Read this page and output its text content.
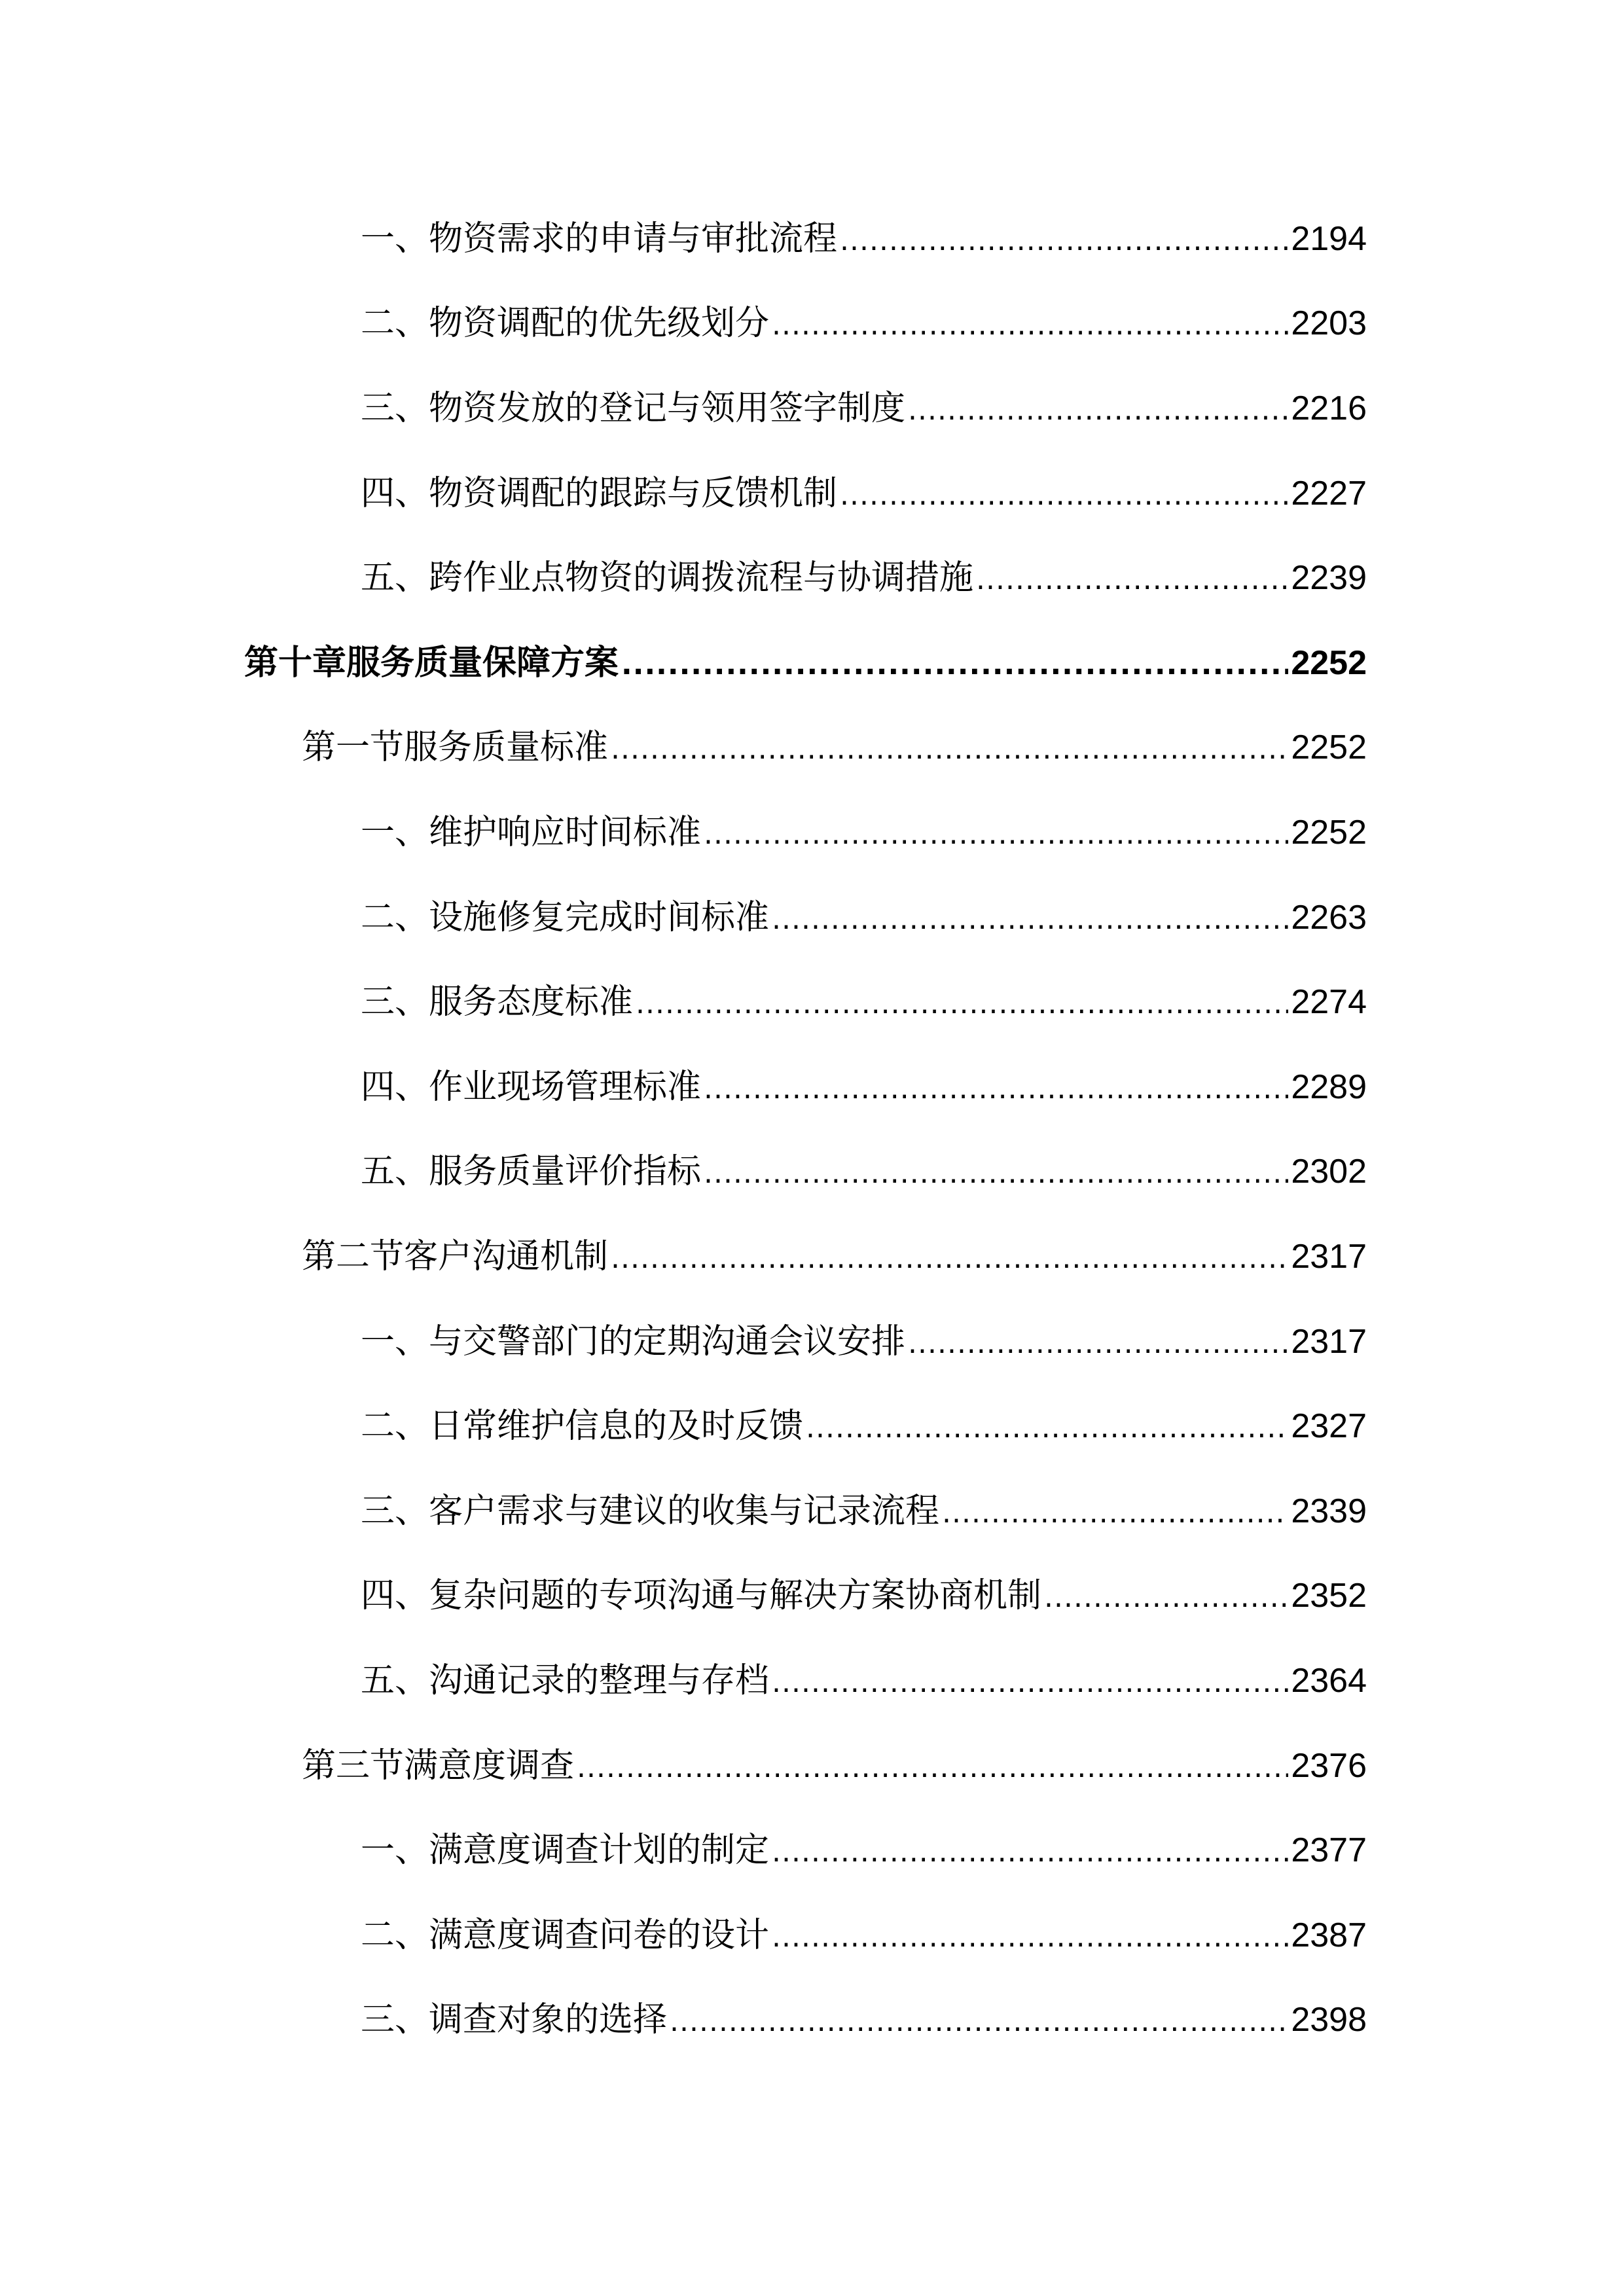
一、物资需求的申请与审批流程 .....	2194
二、物资调配的优先级划分 .....	2203
三、物资发放的登记与领用签字制度 .....	2216
四、物资调配的跟踪与反馈机制 .....	2227
五、跨作业点物资的调拨流程与协调措施 .....	2239
第十章服务质量保障方案 .....	2252
第一节服务质量标准 .....	2252
一、维护响应时间标准 .....	2252
二、设施修复完成时间标准 .....	2263
三、服务态度标准 .....	2274
四、作业现场管理标准 .....	2289
五、服务质量评价指标 .....	2302
第二节客户沟通机制 .....	2317
一、与交警部门的定期沟通会议安排 .....	2317
二、日常维护信息的及时反馈 .....	2327
三、客户需求与建议的收集与记录流程 .....	2339
四、复杂问题的专项沟通与解决方案协商机制 .....	2352
五、沟通记录的整理与存档 .....	2364
第三节满意度调查 .....	2376
一、满意度调查计划的制定 .....	2377
二、满意度调查问卷的设计 .....	2387
三、调查对象的选择 .....	2398
